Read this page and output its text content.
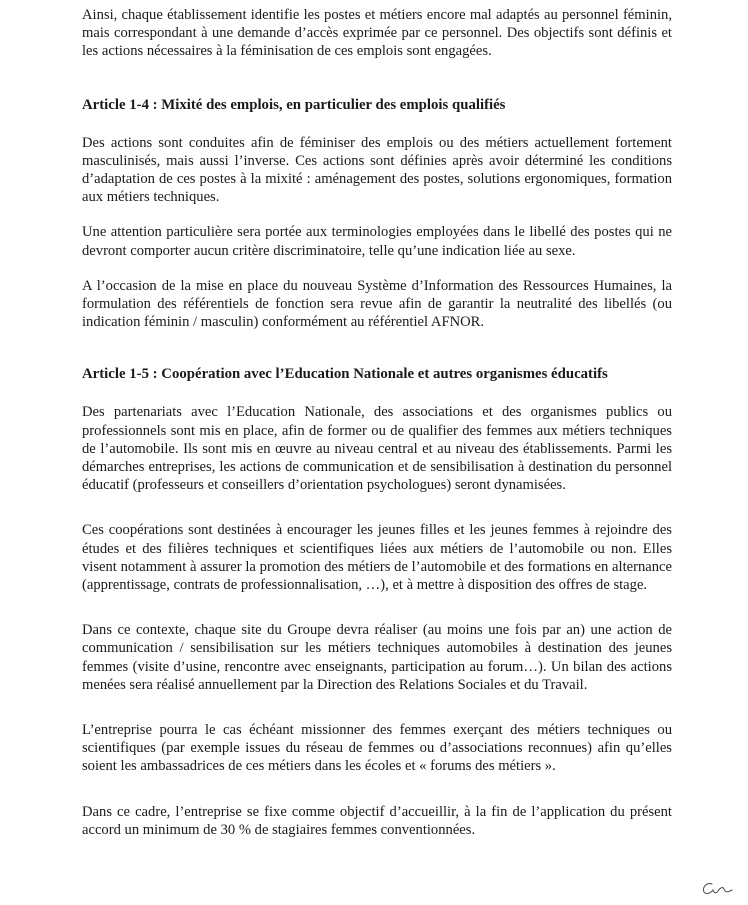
Ainsi, chaque établissement identifie les postes et métiers encore mal adaptés au personnel féminin, mais correspondant à une demande d’accès exprimée par ce personnel. Des objectifs sont définis et les actions nécessaires à la féminisation de ces emplois sont engagées.

Article 1-4 : Mixité des emplois, en particulier des emplois qualifiés

Des actions sont conduites afin de féminiser des emplois ou des métiers actuellement fortement masculinisés, mais aussi l’inverse. Ces actions sont définies après avoir déterminé les conditions d’adaptation de ces postes à la mixité : aménagement des postes, solutions ergonomiques, formation aux métiers techniques.

Une attention particulière sera portée aux terminologies employées dans le libellé des postes qui ne devront comporter aucun critère discriminatoire, telle qu’une indication liée au sexe.

A l’occasion de la mise en place du nouveau Système d’Information des Ressources Humaines, la formulation des référentiels de fonction sera revue afin de garantir la neutralité des libellés (ou indication féminin / masculin) conformément au référentiel AFNOR.

Article 1-5 : Coopération avec l’Education Nationale et autres organismes éducatifs

Des partenariats avec l’Education Nationale, des associations et des organismes publics ou professionnels sont mis en place, afin de former ou de qualifier des femmes aux métiers techniques de l’automobile. Ils sont mis en œuvre au niveau central et au niveau des établissements. Parmi les démarches entreprises, les actions de communication et de sensibilisation à destination du personnel éducatif (professeurs et conseillers d’orientation psychologues) seront dynamisées.

Ces coopérations sont destinées à encourager les jeunes filles et les jeunes femmes à rejoindre des études et des filières techniques et scientifiques liées aux métiers de l’automobile ou non. Elles visent notamment à assurer la promotion des métiers de l’automobile et des formations en alternance (apprentissage, contrats de professionnalisation, …), et à mettre à disposition des offres de stage.

Dans ce contexte, chaque site du Groupe devra réaliser (au moins une fois par an) une action de communication / sensibilisation sur les métiers techniques automobiles à destination des jeunes femmes (visite d’usine, rencontre avec enseignants, participation au forum…). Un bilan des actions menées sera réalisé annuellement par la Direction des Relations Sociales et du Travail.

L’entreprise pourra le cas échéant missionner des femmes exerçant des métiers techniques ou scientifiques (par exemple issues du réseau de femmes ou d’associations reconnues) afin qu’elles soient les ambassadrices de ces métiers dans les écoles et « forums des métiers ».

Dans ce cadre, l’entreprise se fixe comme objectif d’accueillir, à la fin de l’application du présent accord un minimum de 30 % de stagiaires femmes conventionnées.
